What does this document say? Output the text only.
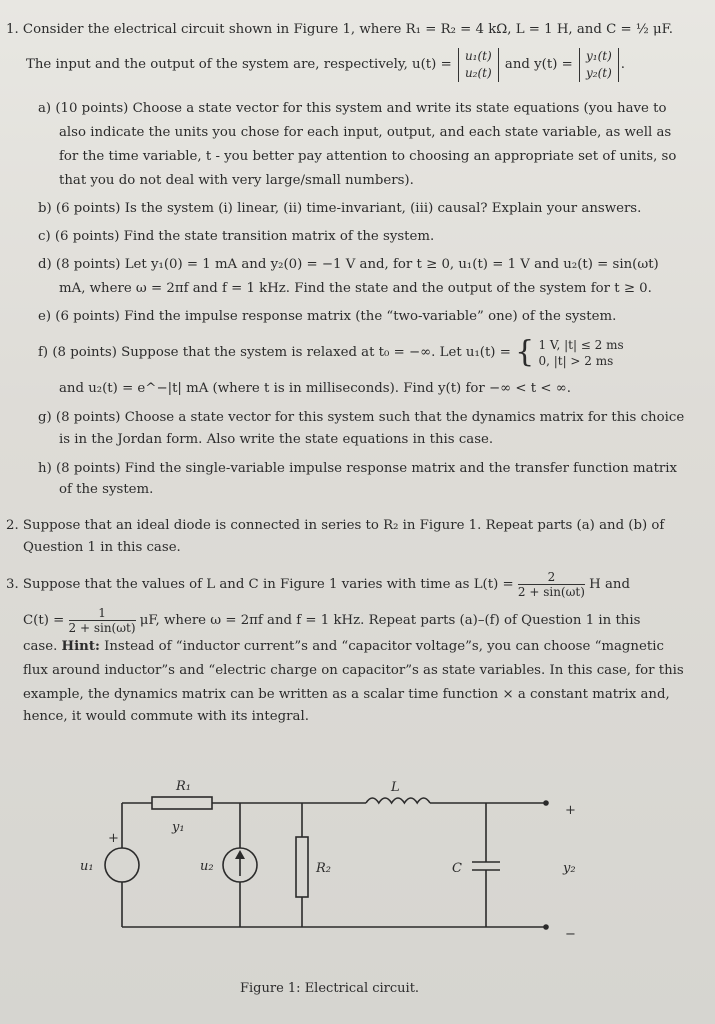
1. Consider the electrical circuit shown in Figure 1, where R₁ = R₂ = 4 kΩ, L = 1 H, and C = ½ μF.
The input and the output of the system are, respectively, u(t) = u₁(t)
u₂(t) and y(t) = y₁(t)
y₂(t).
a) (10 points) Choose a state vector for this system and write its state equations (you have to
also indicate the units you chose for each input, output, and each state variable, as well as
for the time variable, t - you better pay attention to choosing an appropriate set of units, so
that you do not deal with very large/small numbers).
b) (6 points) Is the system (i) linear, (ii) time-invariant, (iii) causal? Explain your answers.
c) (6 points) Find the state transition matrix of the system.
d) (8 points) Let y₁(0) = 1 mA and y₂(0) = −1 V and, for t ≥ 0, u₁(t) = 1 V and u₂(t) = sin(ωt)
mA, where ω = 2πf and f = 1 kHz. Find the state and the output of the system for t ≥ 0.
e) (6 points) Find the impulse response matrix (the “two-variable” one) of the system.
f) (8 points) Suppose that the system is relaxed at t₀ = −∞. Let u₁(t) = { 1 V, |t| ≤ 2 ms
0, |t| > 2 ms
and u₂(t) = e^−|t| mA (where t is in milliseconds). Find y(t) for −∞ < t < ∞.
g) (8 points) Choose a state vector for this system such that the dynamics matrix for this choice
is in the Jordan form. Also write the state equations in this case.
h) (8 points) Find the single-variable impulse response matrix and the transfer function matrix
of the system.
2. Suppose that an ideal diode is connected in series to R₂ in Figure 1. Repeat parts (a) and (b) of
Question 1 in this case.
3. Suppose that the values of L and C in Figure 1 varies with time as $L(t) = \frac{2}{2 + \sin(\omega t)}$ H and
$C(t) = \frac{1}{2 + \sin(\omega t)} \mu F$, where ω = 2πf and f = 1 kHz. Repeat parts (a)–(f) of Question 1 in this
case. Hint: Instead of “inductor current”s and “capacitor voltage”s, you can choose “magnetic
flux around inductor”s and “electric charge on capacitor”s as state variables. In this case, for this
example, the dynamics matrix can be written as a scalar time function × a constant matrix and,
hence, it would commute with its integral.
R₁
y₁
L
u₁	u₂	R₂	C	y₂
+
+
−
Figure 1: Electrical circuit.
